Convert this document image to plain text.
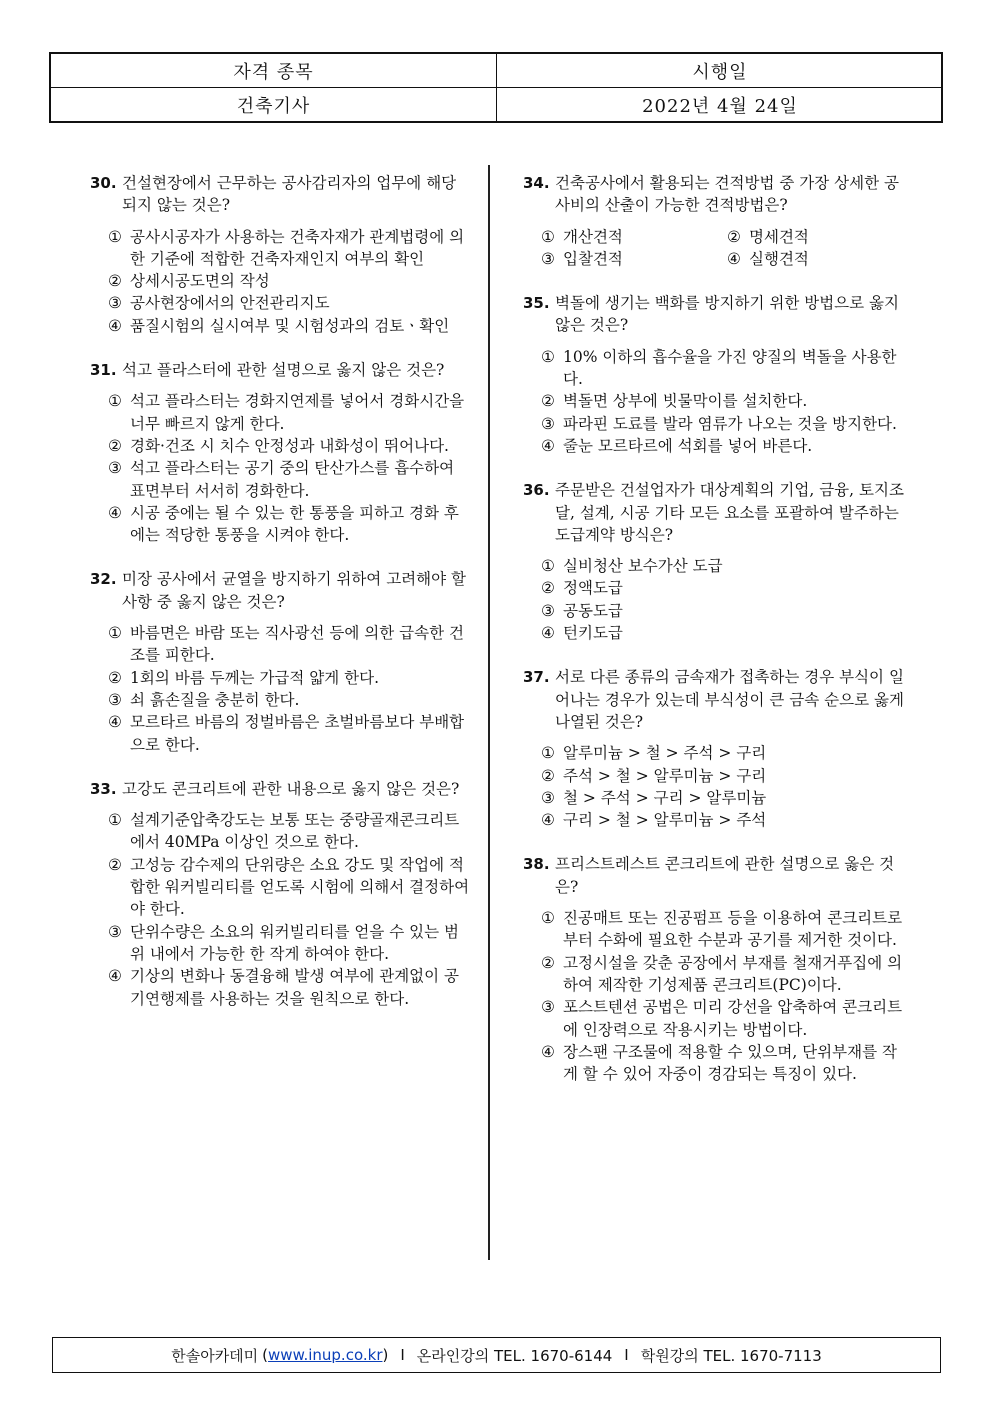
자격 종목	시행일
건축기사	2022년 4월 24일
30. 건설현장에서 근무하는 공사감리자의 업무에 해당되지 않는 것은?
① 공사시공자가 사용하는 건축자재가 관계법령에 의한 기준에 적합한 건축자재인지 여부의 확인
② 상세시공도면의 작성
③ 공사현장에서의 안전관리지도
④ 품질시험의 실시여부 및 시험성과의 검토ㆍ확인
31. 석고 플라스터에 관한 설명으로 옳지 않은 것은?
① 석고 플라스터는 경화지연제를 넣어서 경화시간을 너무 빠르지 않게 한다.
② 경화·건조 시 치수 안정성과 내화성이 뛰어나다.
③ 석고 플라스터는 공기 중의 탄산가스를 흡수하여 표면부터 서서히 경화한다.
④ 시공 중에는 될 수 있는 한 통풍을 피하고 경화 후에는 적당한 통풍을 시켜야 한다.
32. 미장 공사에서 균열을 방지하기 위하여 고려해야 할 사항 중 옳지 않은 것은?
① 바름면은 바람 또는 직사광선 등에 의한 급속한 건조를 피한다.
② 1회의 바름 두께는 가급적 얇게 한다.
③ 쇠 흙손질을 충분히 한다.
④ 모르타르 바름의 정벌바름은 초벌바름보다 부배합으로 한다.
33. 고강도 콘크리트에 관한 내용으로 옳지 않은 것은?
① 설계기준압축강도는 보통 또는 중량골재콘크리트에서 40MPa 이상인 것으로 한다.
② 고성능 감수제의 단위량은 소요 강도 및 작업에 적합한 워커빌리티를 얻도록 시험에 의해서 결정하여야 한다.
③ 단위수량은 소요의 워커빌리티를 얻을 수 있는 범위 내에서 가능한 한 작게 하여야 한다.
④ 기상의 변화나 동결융해 발생 여부에 관계없이 공기연행제를 사용하는 것을 원칙으로 한다.
34. 건축공사에서 활용되는 견적방법 중 가장 상세한 공사비의 산출이 가능한 견적방법은?
① 개산견적	② 명세견적
③ 입찰견적	④ 실행견적
35. 벽돌에 생기는 백화를 방지하기 위한 방법으로 옳지 않은 것은?
① 10% 이하의 흡수율을 가진 양질의 벽돌을 사용한다.
② 벽돌면 상부에 빗물막이를 설치한다.
③ 파라핀 도료를 발라 염류가 나오는 것을 방지한다.
④ 줄눈 모르타르에 석회를 넣어 바른다.
36. 주문받은 건설업자가 대상계획의 기업, 금융, 토지조달, 설계, 시공 기타 모든 요소를 포괄하여 발주하는 도급계약 방식은?
① 실비청산 보수가산 도급
② 정액도급
③ 공동도급
④ 턴키도급
37. 서로 다른 종류의 금속재가 접촉하는 경우 부식이 일어나는 경우가 있는데 부식성이 큰 금속 순으로 옳게 나열된 것은?
① 알루미늄 > 철 > 주석 > 구리
② 주석 > 철 > 알루미늄 > 구리
③ 철 > 주석 > 구리 > 알루미늄
④ 구리 > 철 > 알루미늄 > 주석
38. 프리스트레스트 콘크리트에 관한 설명으로 옳은 것은?
① 진공매트 또는 진공펌프 등을 이용하여 콘크리트로부터 수화에 필요한 수분과 공기를 제거한 것이다.
② 고정시설을 갖춘 공장에서 부재를 철재거푸집에 의하여 제작한 기성제품 콘크리트(PC)이다.
③ 포스트텐션 공법은 미리 강선을 압축하여 콘크리트에 인장력으로 작용시키는 방법이다.
④ 장스팬 구조물에 적용할 수 있으며, 단위부재를 작게 할 수 있어 자중이 경감되는 특징이 있다.
한솔아카데미 ( www.inup.co.kr ) I 온라인강의 TEL. 1670-6144 I 학원강의 TEL. 1670-7113
